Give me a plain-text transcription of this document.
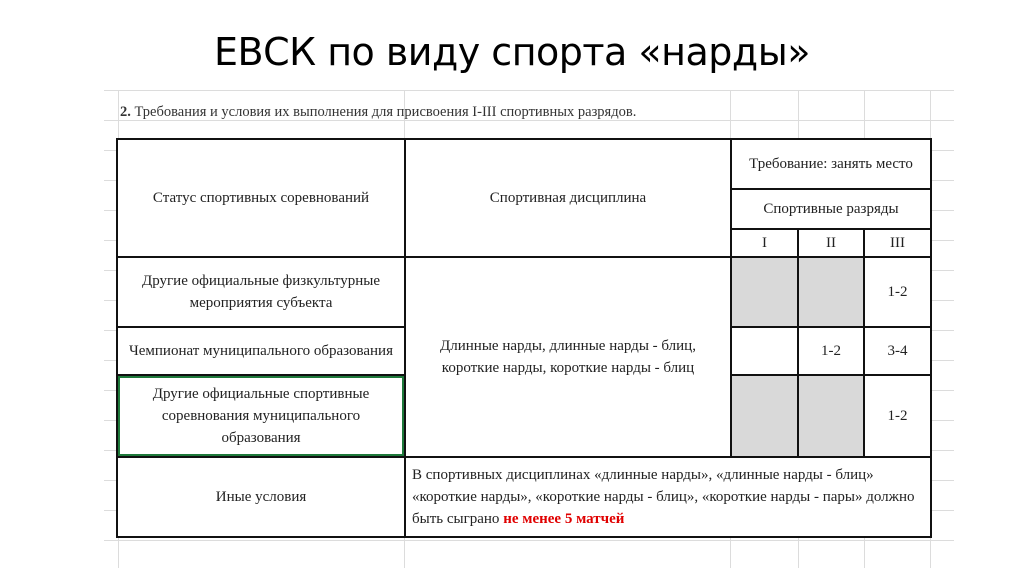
ЕВСК по виду спорта «нарды»
2. Требования и условия их выполнения для присвоения I-III спортивных разрядов.
Статус спортивных соревнований	Спортивная дисциплина	Требование: занять место		
		Спортивные разряды		
		I	II	III
Другие официальные физкультурные мероприятия субъекта	Длинные нарды, длинные нарды - блиц, короткие нарды, короткие нарды - блиц			1-2
Чемпионат муниципального образования			1-2	3-4
Другие официальные спортивные соревнования муниципального образования				1-2
Иные условия	В спортивных дисциплинах «длинные нарды», «длинные нарды - блиц» «короткие нарды», «короткие нарды - блиц», «короткие нарды - пары» должно быть сыграно не менее 5 матчей			
